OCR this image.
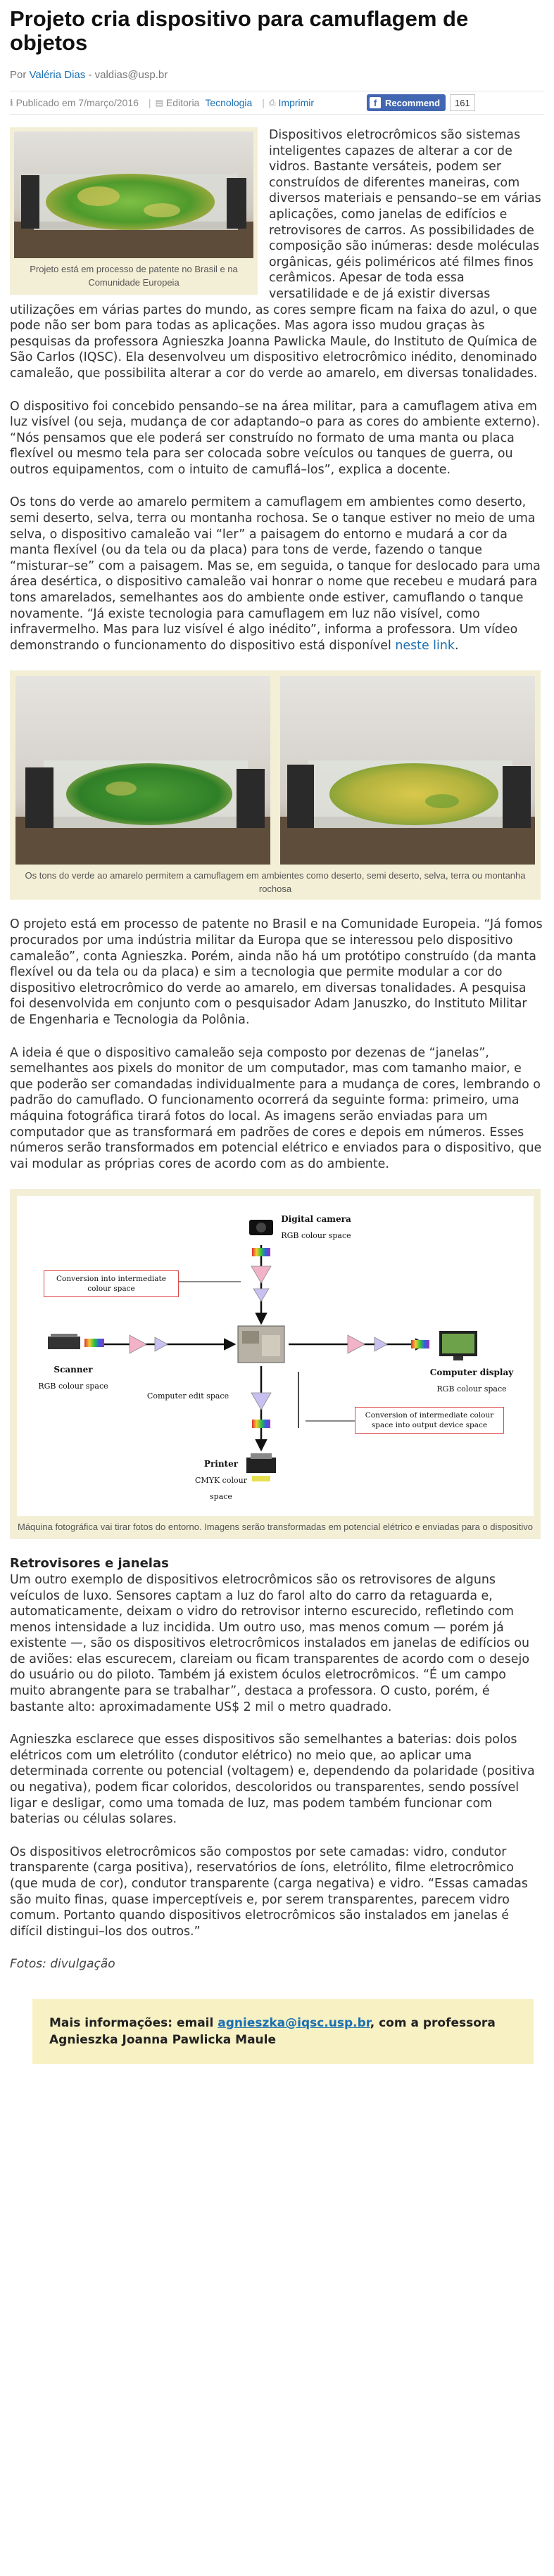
Projeto cria dispositivo para camuflagem de objetos
Por Valéria Dias - valdias@usp.br
ℹ Publicado em 7/março/2016 | ▤ Editoria Tecnologia | ⎙ Imprimir	f Recommend	161
Projeto está em processo de patente no Brasil e na Comunidade Europeia

Dispositivos eletrocrômicos são sistemas inteligentes capazes de alterar a cor de vidros. Bastante versáteis, podem ser construídos de diferentes maneiras, com diversos materiais e pensando–se em várias aplicações, como janelas de edifícios e retrovisores de carros. As possibilidades de composição são inúmeras: desde moléculas orgânicas, géis poliméricos até filmes finos cerâmicos. Apesar de toda essa versatilidade e de já existir diversas utilizações em várias partes do mundo, as cores sempre ficam na faixa do azul, o que pode não ser bom para todas as aplicações. Mas agora isso mudou graças às pesquisas da professora Agnieszka Joanna Pawlicka Maule, do Instituto de Química de São Carlos (IQSC). Ela desenvolveu um dispositivo eletrocrômico inédito, denominado camaleão, que possibilita alterar a cor do verde ao amarelo, em diversas tonalidades.

O dispositivo foi concebido pensando–se na área militar, para a camuflagem ativa em luz visível (ou seja, mudança de cor adaptando–o para as cores do ambiente externo). “Nós pensamos que ele poderá ser construído no formato de uma manta ou placa flexível ou mesmo tela para ser colocada sobre veículos ou tanques de guerra, ou outros equipamentos, com o intuito de camuflá–los”, explica a docente.

Os tons do verde ao amarelo permitem a camuflagem em ambientes como deserto, semi deserto, selva, terra ou montanha rochosa. Se o tanque estiver no meio de uma selva, o dispositivo camaleão vai “ler” a paisagem do entorno e mudará a cor da manta flexível (ou da tela ou da placa) para tons de verde, fazendo o tanque “misturar–se” com a paisagem. Mas se, em seguida, o tanque for deslocado para uma área desértica, o dispositivo camaleão vai honrar o nome que recebeu e mudará para tons amarelados, semelhantes aos do ambiente onde estiver, camuflando o tanque novamente. “Já existe tecnologia para camuflagem em luz não visível, como infravermelho. Mas para luz visível é algo inédito”, informa a professora. Um vídeo demonstrando o funcionamento do dispositivo está disponível neste link.

Os tons do verde ao amarelo permitem a camuflagem em ambientes como deserto, semi deserto, selva, terra ou montanha rochosa

O projeto está em processo de patente no Brasil e na Comunidade Europeia. “Já fomos procurados por uma indústria militar da Europa que se interessou pelo dispositivo camaleão”, conta Agnieszka. Porém, ainda não há um protótipo construído (da manta flexível ou da tela ou da placa) e sim a tecnologia que permite modular a cor do dispositivo eletrocrômico do verde ao amarelo, em diversas tonalidades. A pesquisa foi desenvolvida em conjunto com o pesquisador Adam Januszko, do Instituto Militar de Engenharia e Tecnologia da Polônia.

A ideia é que o dispositivo camaleão seja composto por dezenas de “janelas”, semelhantes aos pixels do monitor de um computador, mas com tamanho maior, e que poderão ser comandadas individualmente para a mudança de cores, lembrando o padrão do camuflado. O funcionamento ocorrerá da seguinte forma: primeiro, uma máquina fotográfica tirará fotos do local. As imagens serão enviadas para um computador que as transformará em padrões de cores e depois em números. Esses números serão transformados em potencial elétrico e enviados para o dispositivo, que vai modular as próprias cores de acordo com as do ambiente.

Digital camera
RGB colour space
Conversion into intermediate colour space
Scanner
RGB colour space
Computer display
RGB colour space
Computer edit space
Conversion of intermediate colour space into output device space
Printer
CMYK colour space
Máquina fotográfica vai tirar fotos do entorno. Imagens serão transformadas em potencial elétrico e enviadas para o dispositivo
Retrovisores e janelas

Um outro exemplo de dispositivos eletrocrômicos são os retrovisores de alguns veículos de luxo. Sensores captam a luz do farol alto do carro da retaguarda e, automaticamente, deixam o vidro do retrovisor interno escurecido, refletindo com menos intensidade a luz incidida. Um outro uso, mas menos comum — porém já existente —, são os dispositivos eletrocrômicos instalados em janelas de edifícios ou de aviões: elas escurecem, clareiam ou ficam transparentes de acordo com o desejo do usuário ou do piloto. Também já existem óculos eletrocrômicos. “É um campo muito abrangente para se trabalhar”, destaca a professora. O custo, porém, é bastante alto: aproximadamente US$ 2 mil o metro quadrado.

Agnieszka esclarece que esses dispositivos são semelhantes a baterias: dois polos elétricos com um eletrólito (condutor elétrico) no meio que, ao aplicar uma determinada corrente ou potencial (voltagem) e, dependendo da polaridade (positiva ou negativa), podem ficar coloridos, descoloridos ou transparentes, sendo possível ligar e desligar, como uma tomada de luz, mas podem também funcionar com baterias ou células solares.

Os dispositivos eletrocrômicos são compostos por sete camadas: vidro, condutor transparente (carga positiva), reservatórios de íons, eletrólito, filme eletrocrômico (que muda de cor), condutor transparente (carga negativa) e vidro. “Essas camadas são muito finas, quase imperceptíveis e, por serem transparentes, parecem vidro comum. Portanto quando dispositivos eletrocrômicos são instalados em janelas é difícil distingui–los dos outros.”

Fotos: divulgação

Mais informações: email agnieszka@iqsc.usp.br, com a professora Agnieszka Joanna Pawlicka Maule
